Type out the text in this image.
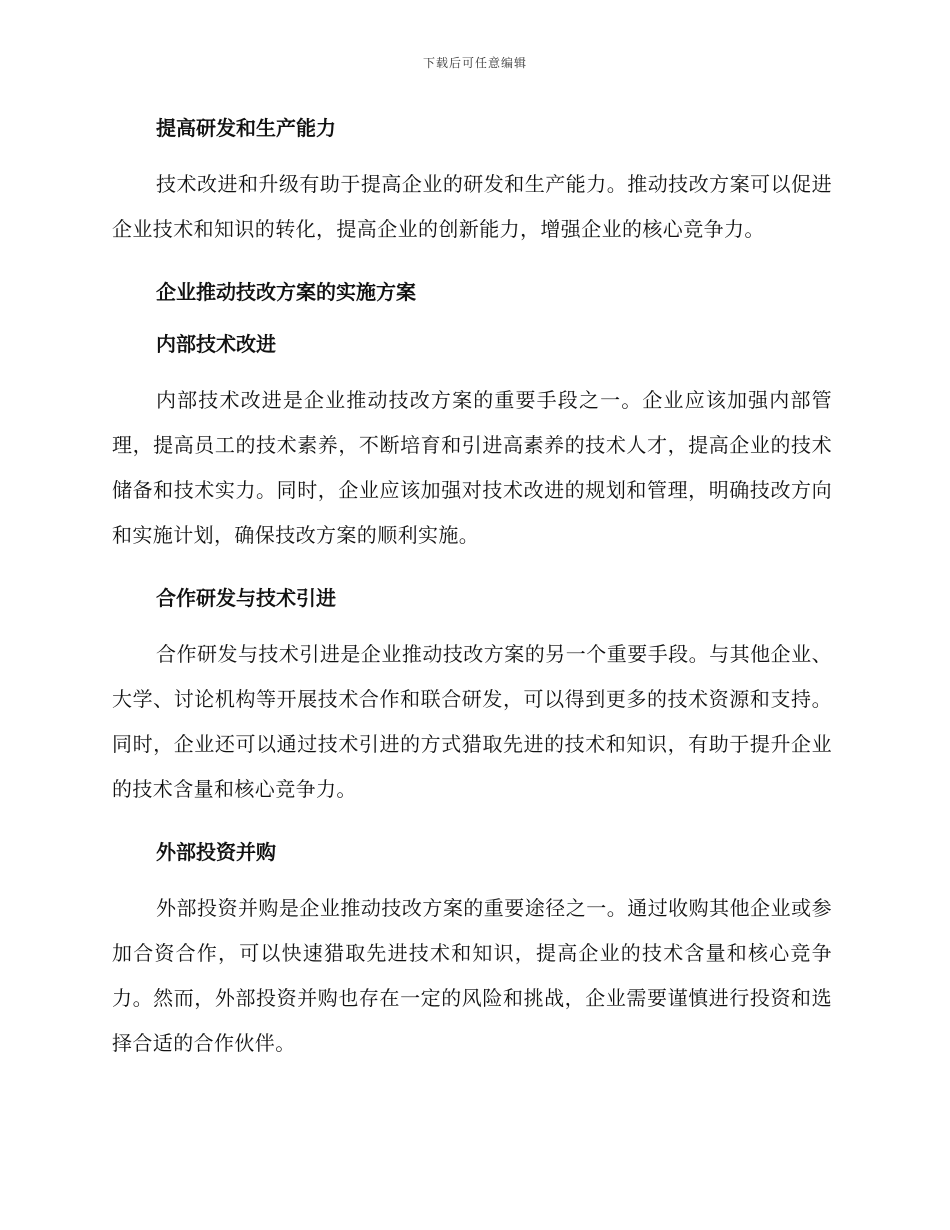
下载后可任意编辑
提高研发和生产能力

技术改进和升级有助于提高企业的研发和生产能力。推动技改方案可以促进企业技术和知识的转化，提高企业的创新能力，增强企业的核心竞争力。

企业推动技改方案的实施方案
内部技术改进

内部技术改进是企业推动技改方案的重要手段之一。企业应该加强内部管理，提高员工的技术素养，不断培育和引进高素养的技术人才，提高企业的技术储备和技术实力。同时，企业应该加强对技术改进的规划和管理，明确技改方向和实施计划，确保技改方案的顺利实施。

合作研发与技术引进

合作研发与技术引进是企业推动技改方案的另一个重要手段。与其他企业、大学、讨论机构等开展技术合作和联合研发，可以得到更多的技术资源和支持。同时，企业还可以通过技术引进的方式猎取先进的技术和知识，有助于提升企业的技术含量和核心竞争力。

外部投资并购

外部投资并购是企业推动技改方案的重要途径之一。通过收购其他企业或参加合资合作，可以快速猎取先进技术和知识，提高企业的技术含量和核心竞争力。然而，外部投资并购也存在一定的风险和挑战，企业需要谨慎进行投资和选择合适的合作伙伴。
